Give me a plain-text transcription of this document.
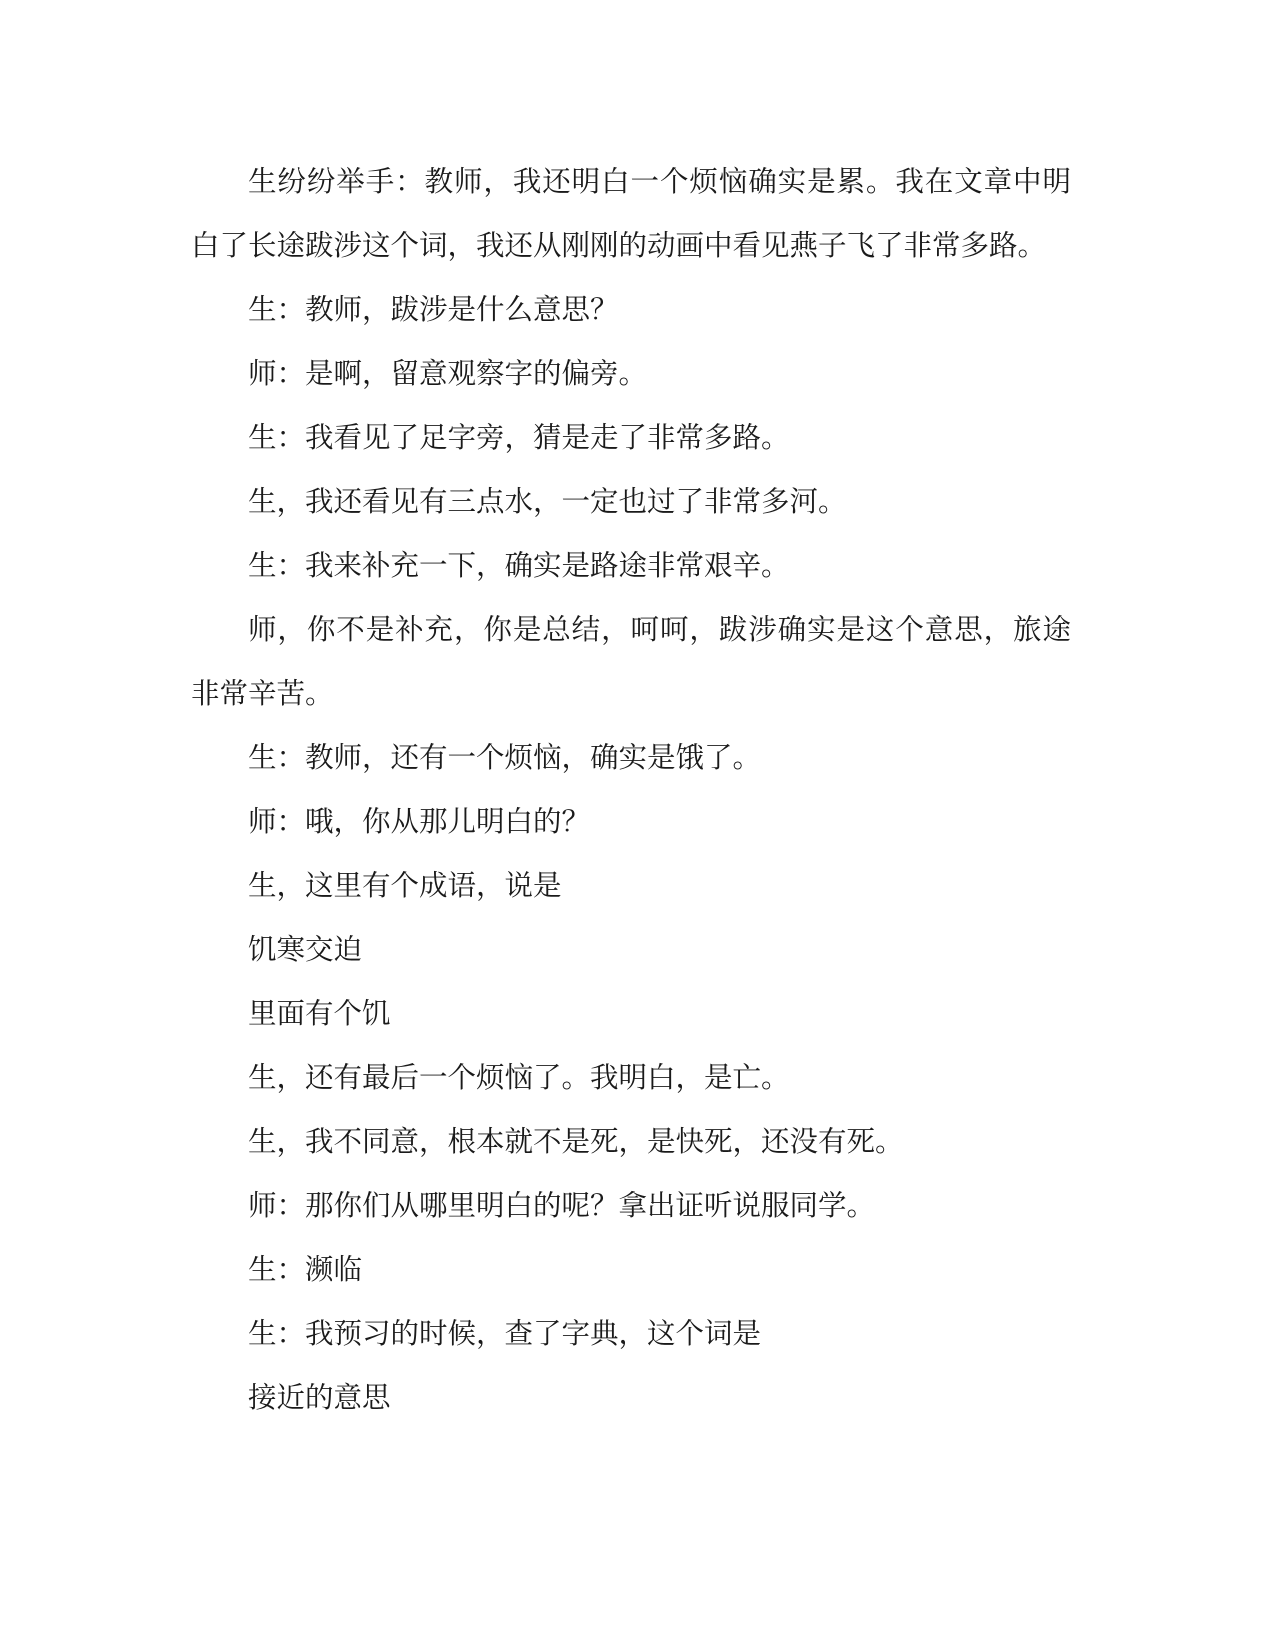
生纷纷举手：教师，我还明白一个烦恼确实是累。我在文章中明白了长途跋涉这个词，我还从刚刚的动画中看见燕子飞了非常多路。

生：教师，跋涉是什么意思？

师：是啊，留意观察字的偏旁。

生：我看见了足字旁，猜是走了非常多路。

生，我还看见有三点水，一定也过了非常多河。

生：我来补充一下，确实是路途非常艰辛。

师，你不是补充，你是总结，呵呵，跋涉确实是这个意思，旅途非常辛苦。

生：教师，还有一个烦恼，确实是饿了。

师：哦，你从那儿明白的？

生，这里有个成语，说是

饥寒交迫

里面有个饥

生，还有最后一个烦恼了。我明白，是亡。

生，我不同意，根本就不是死，是快死，还没有死。

师：那你们从哪里明白的呢？拿出证听说服同学。

生：濒临

生：我预习的时候，查了字典，这个词是

接近的意思
